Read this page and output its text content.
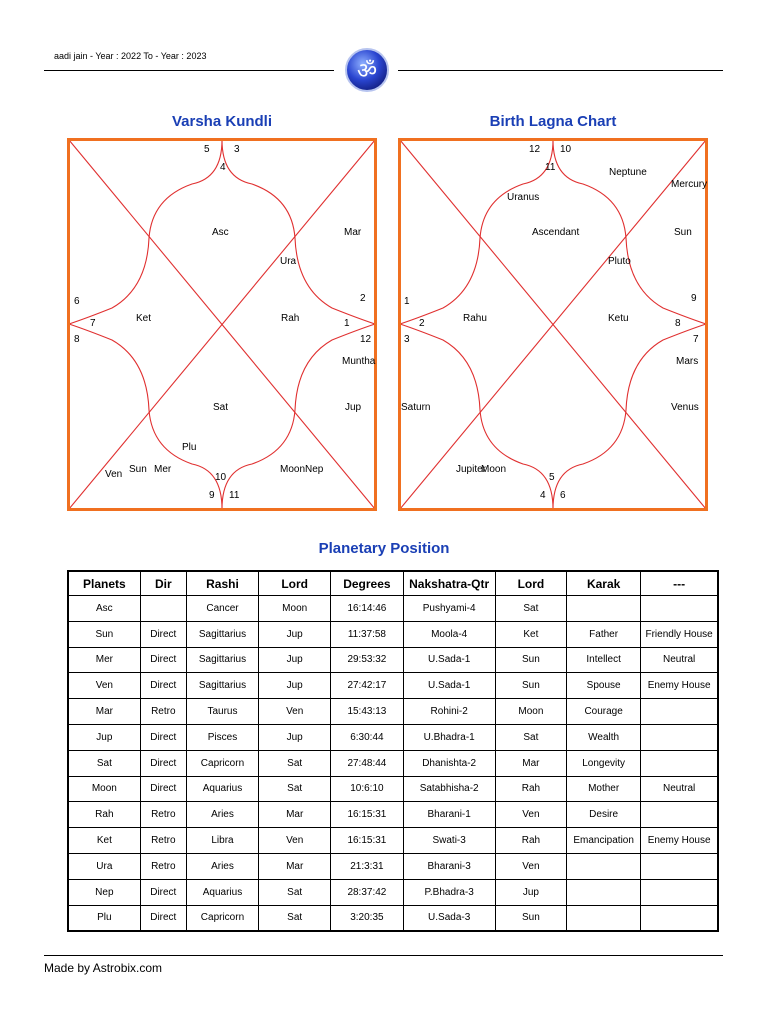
aadi jain - Year : 2022 To - Year : 2023
ॐ
Varsha Kundli
5 3
4
6
7
8
2
1
12
10
9 11
Asc	Mar
Ura
Ket	Rah
Muntha
Sat	Jup
Plu
Ven Sun Mer	MoonNep
Birth Lagna Chart
12 10
11
1
2
3
9
8
7
5
4 6
Neptune
Mercury
Uranus
Ascendant	Sun
Pluto
Rahu	Ketu
Mars
Saturn	Venus
Jupiter
Moon
Planetary Position
Planets	Dir	Rashi	Lord	Degrees	Nakshatra-Qtr	Lord	Karak	---
Asc		Cancer	Moon	16:14:46	Pushyami-4	Sat		
Sun	Direct	Sagittarius	Jup	11:37:58	Moola-4	Ket	Father	Friendly House
Mer	Direct	Sagittarius	Jup	29:53:32	U.Sada-1	Sun	Intellect	Neutral
Ven	Direct	Sagittarius	Jup	27:42:17	U.Sada-1	Sun	Spouse	Enemy House
Mar	Retro	Taurus	Ven	15:43:13	Rohini-2	Moon	Courage	
Jup	Direct	Pisces	Jup	6:30:44	U.Bhadra-1	Sat	Wealth	
Sat	Direct	Capricorn	Sat	27:48:44	Dhanishta-2	Mar	Longevity	
Moon	Direct	Aquarius	Sat	10:6:10	Satabhisha-2	Rah	Mother	Neutral
Rah	Retro	Aries	Mar	16:15:31	Bharani-1	Ven	Desire	
Ket	Retro	Libra	Ven	16:15:31	Swati-3	Rah	Emancipation	Enemy House
Ura	Retro	Aries	Mar	21:3:31	Bharani-3	Ven		
Nep	Direct	Aquarius	Sat	28:37:42	P.Bhadra-3	Jup		
Plu	Direct	Capricorn	Sat	3:20:35	U.Sada-3	Sun		
Made by Astrobix.com
